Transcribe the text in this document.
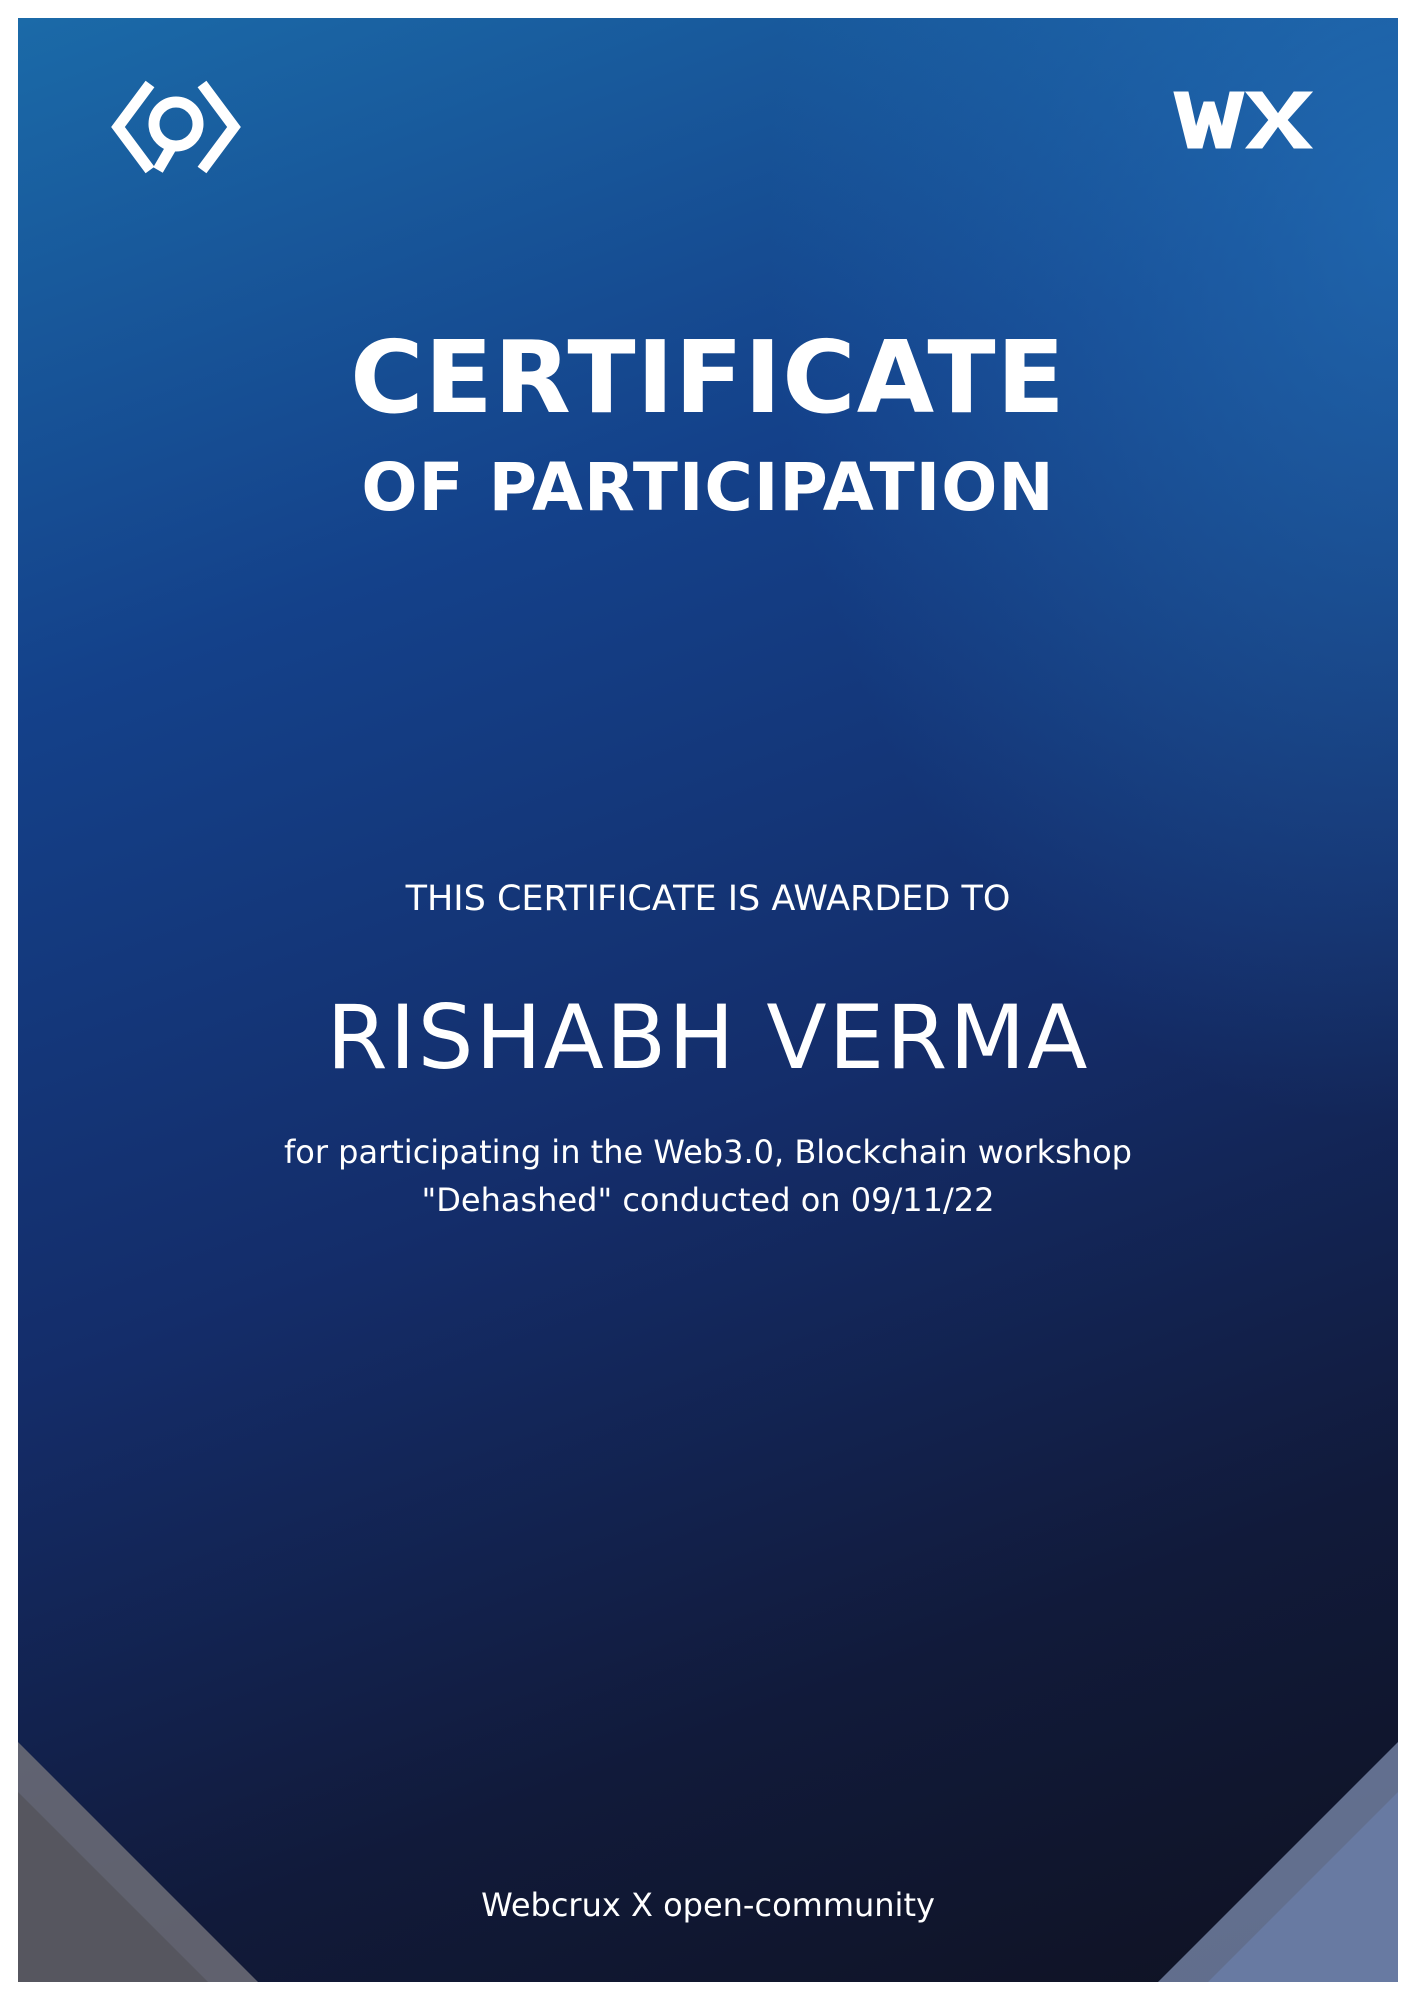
CERTIFICATE
OF PARTICIPATION
THIS CERTIFICATE IS AWARDED TO
RISHABH VERMA
for participating in the Web3.0, Blockchain workshop
"Dehashed" conducted on 09/11/22
Webcrux X open-community
